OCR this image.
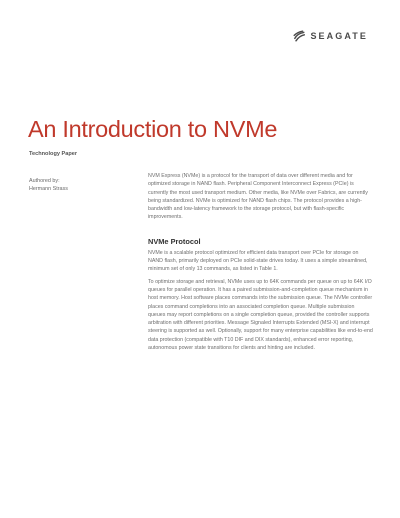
SEAGATE
An Introduction to NVMe
Technology Paper
Authored by:
Hermann Strass

NVM Express (NVMe) is a protocol for the transport of data over different media and for optimized storage in NAND flash. Peripheral Component Interconnect Express (PCIe) is currently the most used transport medium. Other media, like NVMe over Fabrics, are currently being standardized. NVMe is optimized for NAND flash chips. The protocol provides a high-bandwidth and low-latency framework to the storage protocol, but with flash-specific improvements.

NVMe Protocol

NVMe is a scalable protocol optimized for efficient data transport over PCIe for storage on NAND flash, primarily deployed on PCIe solid-state drives today. It uses a simple streamlined, minimum set of only 13 commands, as listed in Table 1.

To optimize storage and retrieval, NVMe uses up to 64K commands per queue on up to 64K I/O queues for parallel operation. It has a paired submission-and-completion queue mechanism in host memory. Host software places commands into the submission queue. The NVMe controller places command completions into an associated completion queue. Multiple submission queues may report completions on a single completion queue, provided the controller supports arbitration with different priorities. Message Signaled Interrupts Extended (MSI-X) and interrupt steering is supported as well. Optionally, support for many enterprise capabilities like end-to-end data protection (compatible with T10 DIF and DIX standards), enhanced error reporting, autonomous power state transitions for clients and hinting are included.
